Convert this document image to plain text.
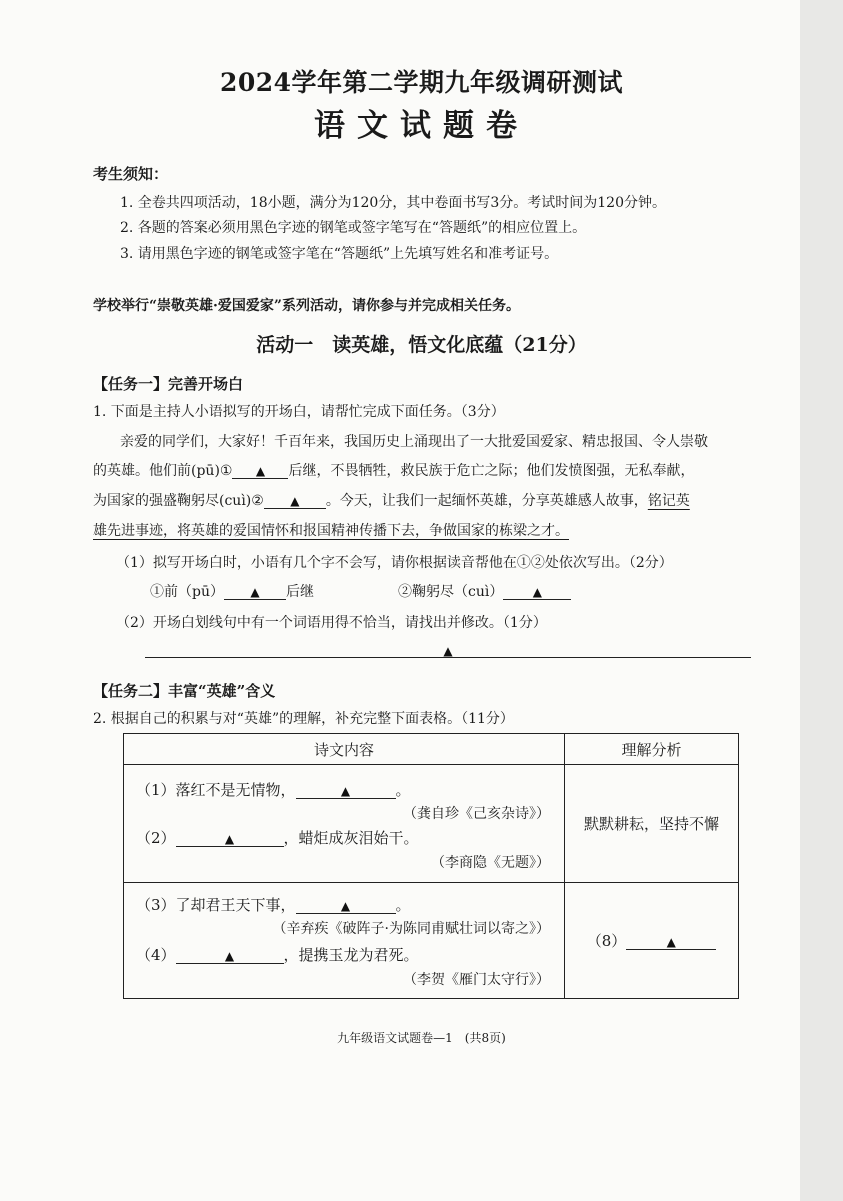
2024学年第二学期九年级调研测试
语文试题卷
考生须知：
1. 全卷共四项活动，18小题，满分为120分，其中卷面书写3分。考试时间为120分钟。
2. 各题的答案必须用黑色字迹的钢笔或签字笔写在“答题纸”的相应位置上。
3. 请用黑色字迹的钢笔或签字笔在“答题纸”上先填写姓名和准考证号。
学校举行“崇敬英雄·爱国爱家”系列活动，请你参与并完成相关任务。
活动一　读英雄，悟文化底蕴（21分）
【任务一】完善开场白
1. 下面是主持人小语拟写的开场白，请帮忙完成下面任务。（3分）
亲爱的同学们，大家好！千百年来，我国历史上涌现出了一大批爱国爱家、精忠报国、令人崇敬
的英雄。他们前(pū)① ▲ 后继，不畏牺牲，救民族于危亡之际；他们发愤图强，无私奉献，
为国家的强盛鞠躬尽(cuì)② ▲ 。今天，让我们一起缅怀英雄，分享英雄感人故事，铭记英
雄先进事迹，将英雄的爱国情怀和报国精神传播下去，争做国家的栋梁之才。
（1）拟写开场白时，小语有几个字不会写，请你根据读音帮他在①②处依次写出。（2分）
①前（pū） ▲ 后继	②鞠躬尽（cuì） ▲
（2）开场白划线句中有一个词语用得不恰当，请找出并修改。（1分）
▲
【任务二】丰富“英雄”含义
2. 根据自己的积累与对“英雄”的理解，补充完整下面表格。（11分）
诗文内容	理解分析

（1）落红不是无情物， ▲ 。
（龚自珍《己亥杂诗》）
（2） ▲ ，蜡炬成灰泪始干。
（李商隐《无题》）	默默耕耘，坚持不懈

（3）了却君王天下事， ▲ 。
（辛弃疾《破阵子·为陈同甫赋壮词以寄之》）
（4） ▲ ，提携玉龙为君死。
（李贺《雁门太守行》）	（8） ▲
九年级语文试题卷—1　(共8页)
